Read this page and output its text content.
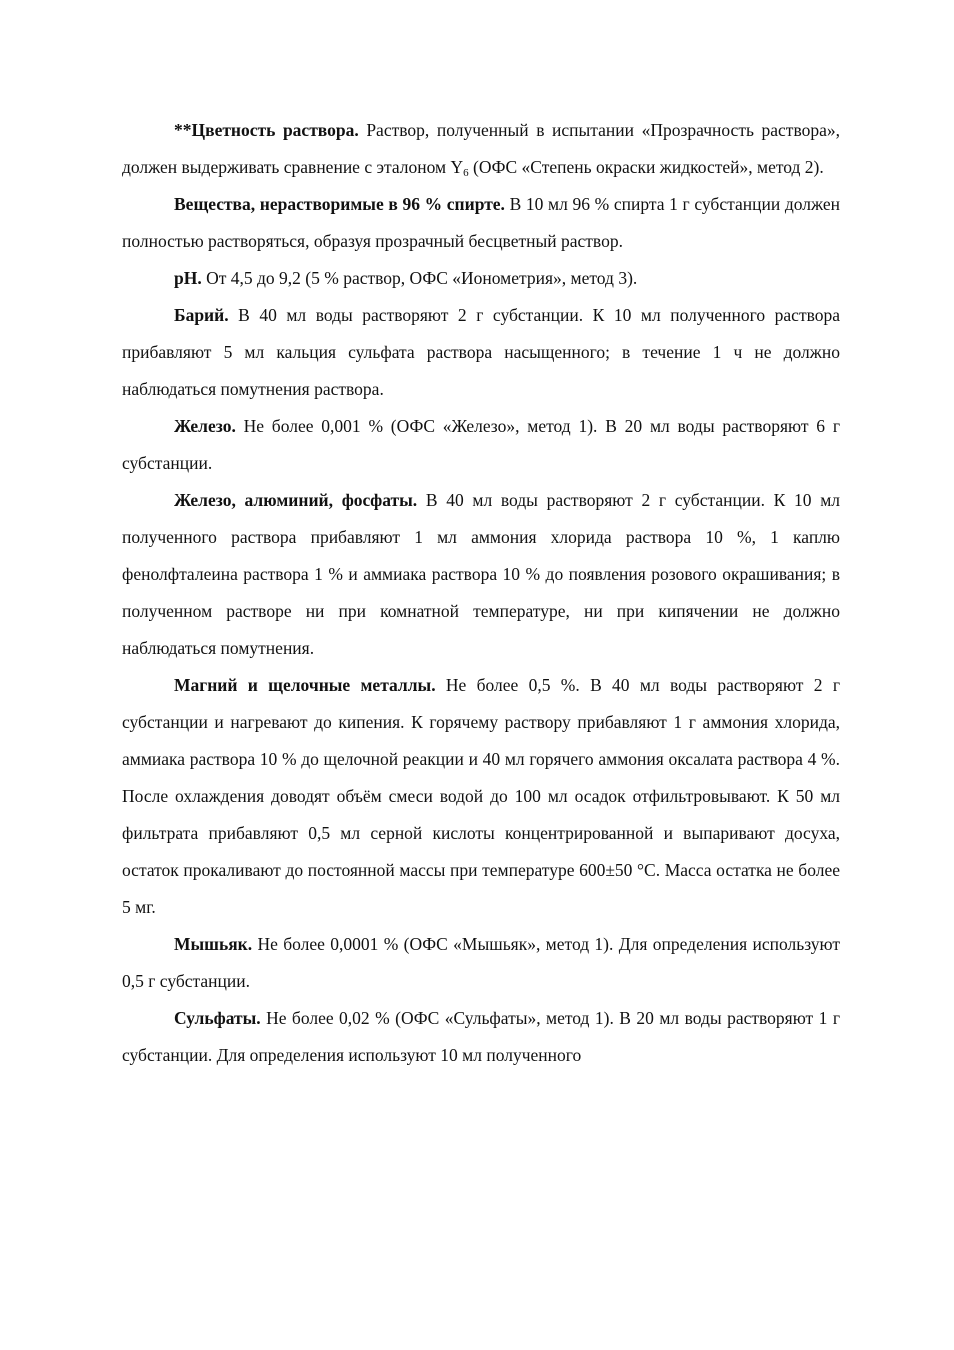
**Цветность раствора. Раствор, полученный в испытании «Прозрачность раствора», должен выдерживать сравнение с эталоном $Y_6$ (ОФС «Степень окраски жидкостей», метод 2).

Вещества, нерастворимые в 96 % спирте. В 10 мл 96 % спирта 1 г субстанции должен полностью растворяться, образуя прозрачный бесцветный раствор.

pH. От 4,5 до 9,2 (5 % раствор, ОФС «Ионометрия», метод 3).

Барий. В 40 мл воды растворяют 2 г субстанции. К 10 мл полученного раствора прибавляют 5 мл кальция сульфата раствора насыщенного; в течение 1 ч не должно наблюдаться помутнения раствора.

Железо. Не более 0,001 % (ОФС «Железо», метод 1). В 20 мл воды растворяют 6 г субстанции.

Железо, алюминий, фосфаты. В 40 мл воды растворяют 2 г субстанции. К 10 мл полученного раствора прибавляют 1 мл аммония хлорида раствора 10 %, 1 каплю фенолфталеина раствора 1 % и аммиака раствора 10 % до появления розового окрашивания; в полученном растворе ни при комнатной температуре, ни при кипячении не должно наблюдаться помутнения.

Магний и щелочные металлы. Не более 0,5 %. В 40 мл воды растворяют 2 г субстанции и нагревают до кипения. К горячему раствору прибавляют 1 г аммония хлорида, аммиака раствора 10 % до щелочной реакции и 40 мл горячего аммония оксалата раствора 4 %. После охлаждения доводят объём смеси водой до 100 мл осадок отфильтровывают. К 50 мл фильтрата прибавляют 0,5 мл серной кислоты концентрированной и выпаривают досуха, остаток прокаливают до постоянной массы при температуре 600±50 °C. Масса остатка не более 5 мг.

Мышьяк. Не более 0,0001 % (ОФС «Мышьяк», метод 1). Для определения используют 0,5 г субстанции.

Сульфаты. Не более 0,02 % (ОФС «Сульфаты», метод 1). В 20 мл воды растворяют 1 г субстанции. Для определения используют 10 мл полученного
